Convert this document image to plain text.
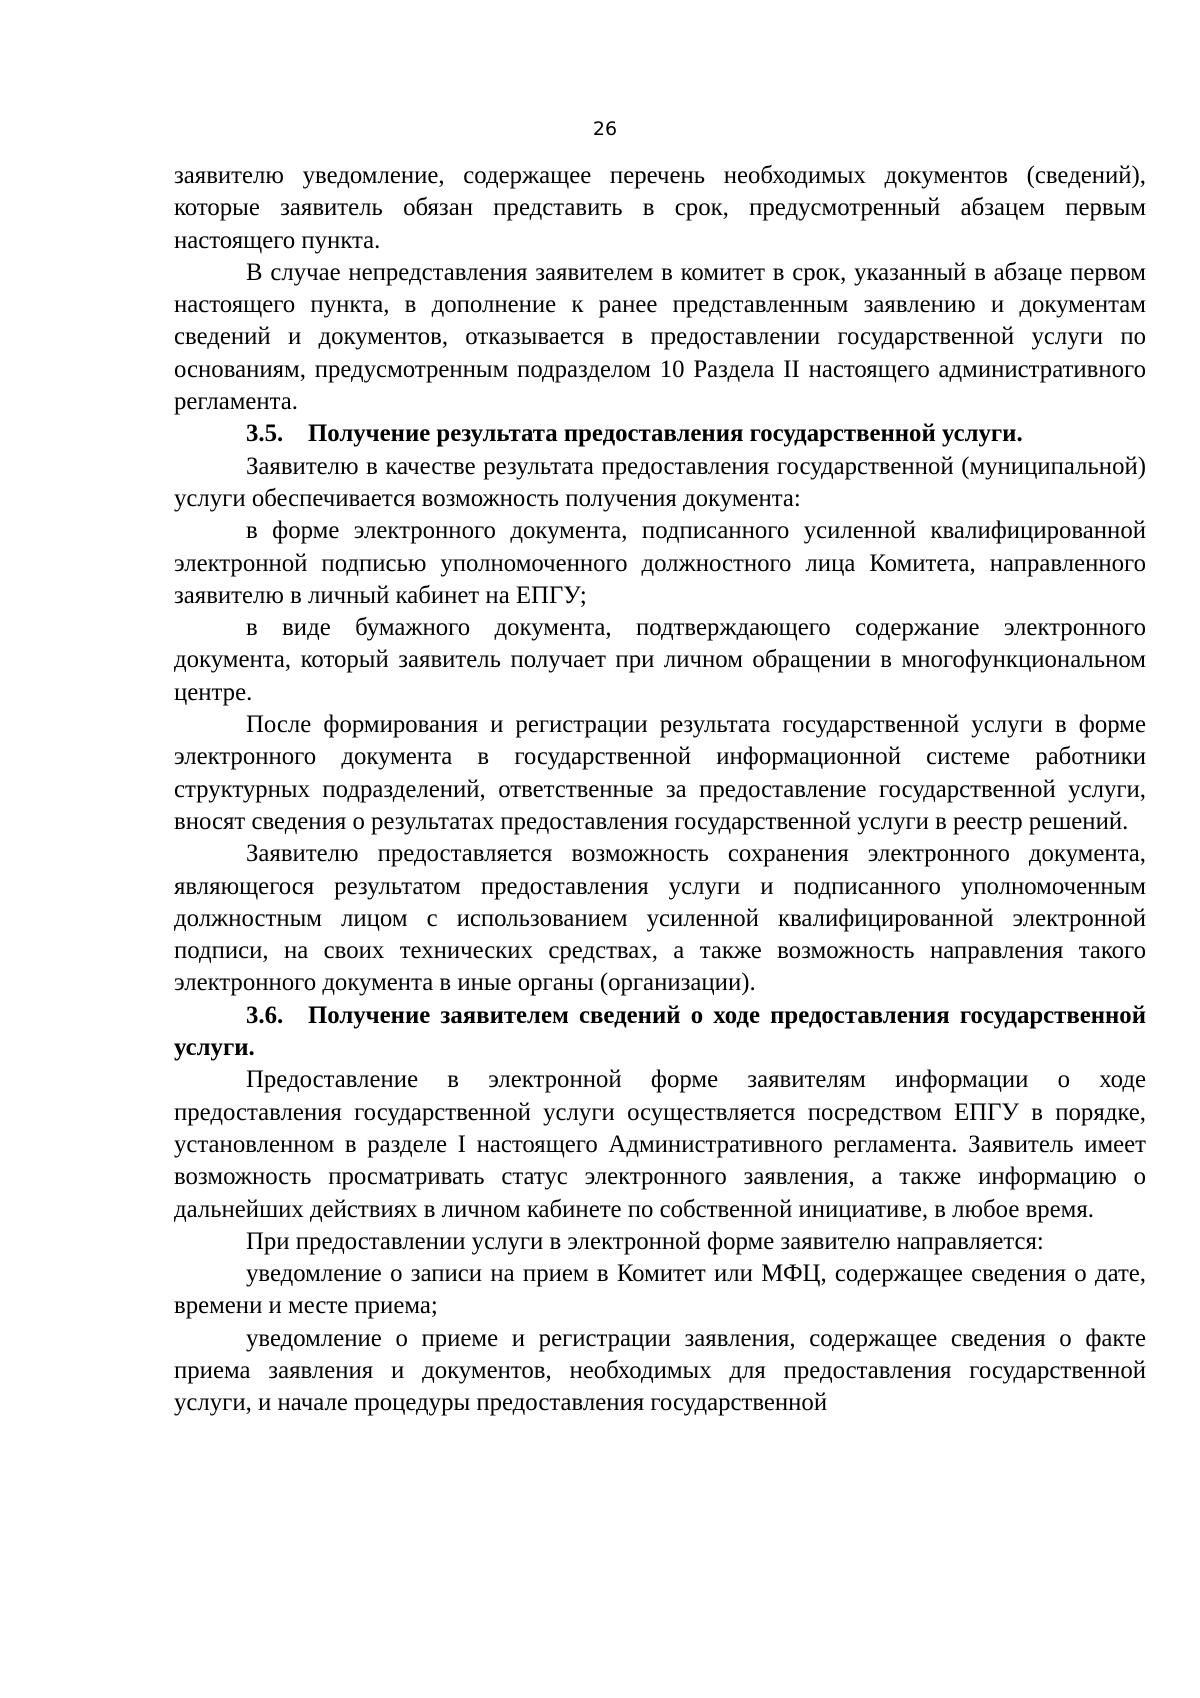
26

заявителю уведомление, содержащее перечень необходимых документов (сведений), которые заявитель обязан представить в срок, предусмотренный абзацем первым настоящего пункта.

В случае непредставления заявителем в комитет в срок, указанный в абзаце первом настоящего пункта, в дополнение к ранее представленным заявлению и документам сведений и документов, отказывается в предоставлении государственной услуги по основаниям, предусмотренным подразделом 10 Раздела II настоящего административного регламента.

3.5. Получение результата предоставления государственной услуги.

Заявителю в качестве результата предоставления государственной (муниципальной) услуги обеспечивается возможность получения документа:

в форме электронного документа, подписанного усиленной квалифицированной электронной подписью уполномоченного должностного лица Комитета, направленного заявителю в личный кабинет на ЕПГУ;

в виде бумажного документа, подтверждающего содержание электронного документа, который заявитель получает при личном обращении в многофункциональном центре.

После формирования и регистрации результата государственной услуги в форме электронного документа в государственной информационной системе работники структурных подразделений, ответственные за предоставление государственной услуги, вносят сведения о результатах предоставления государственной услуги в реестр решений.

Заявителю предоставляется возможность сохранения электронного документа, являющегося результатом предоставления услуги и подписанного уполномоченным должностным лицом с использованием усиленной квалифицированной электронной подписи, на своих технических средствах, а также возможность направления такого электронного документа в иные органы (организации).

3.6. Получение заявителем сведений о ходе предоставления государственной услуги.

Предоставление в электронной форме заявителям информации о ходе предоставления государственной услуги осуществляется посредством ЕПГУ в порядке, установленном в разделе I настоящего Административного регламента. Заявитель имеет возможность просматривать статус электронного заявления, а также информацию о дальнейших действиях в личном кабинете по собственной инициативе, в любое время.

При предоставлении услуги в электронной форме заявителю направляется:

уведомление о записи на прием в Комитет или МФЦ, содержащее сведения о дате, времени и месте приема;

уведомление о приеме и регистрации заявления, содержащее сведения о факте приема заявления и документов, необходимых для предоставления государственной услуги, и начале процедуры предоставления государственной
